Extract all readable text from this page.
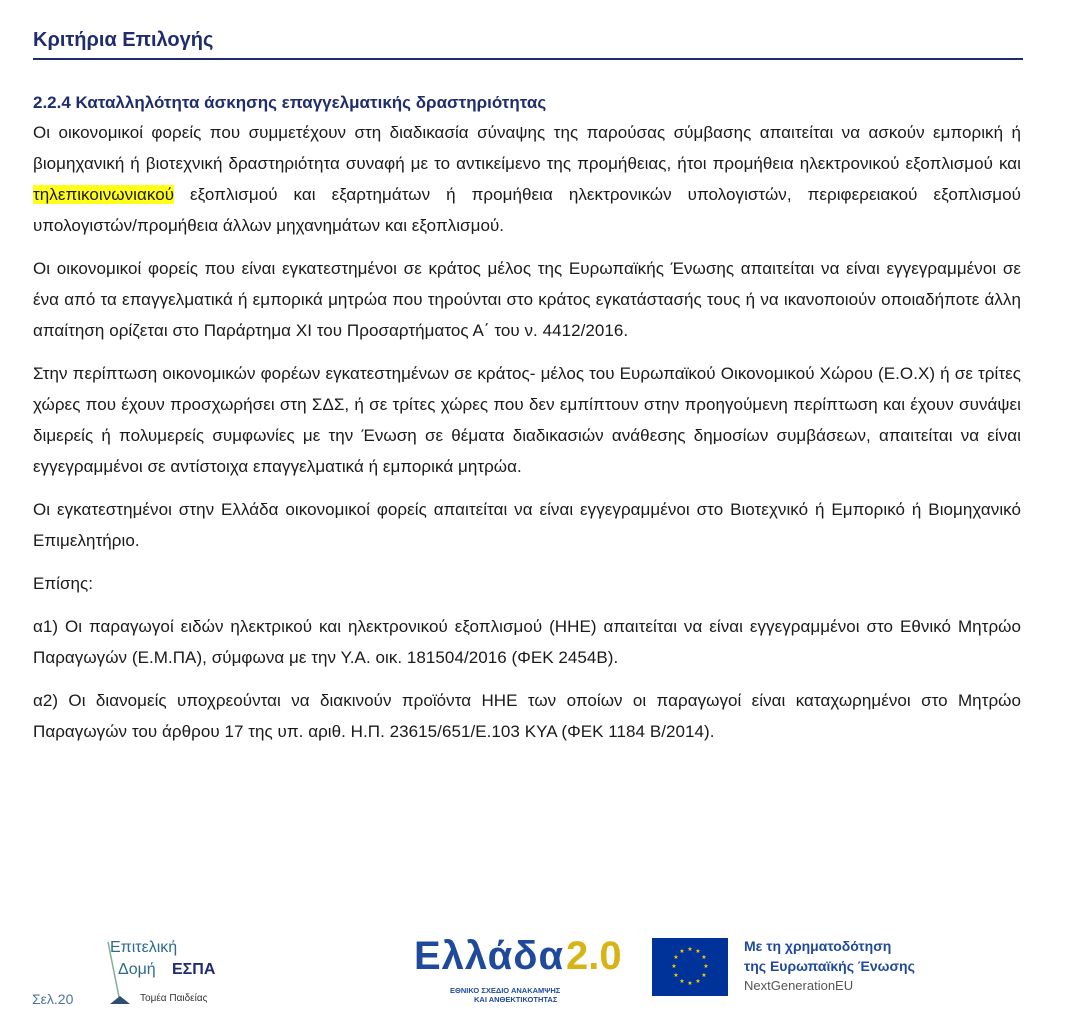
Κριτήρια Επιλογής
2.2.4 Καταλληλότητα άσκησης επαγγελματικής δραστηριότητας

Οι οικονομικοί φορείς που συμμετέχουν στη διαδικασία σύναψης της παρούσας σύμβασης απαιτείται να ασκούν εμπορική ή βιομηχανική ή βιοτεχνική δραστηριότητα συναφή με το αντικείμενο της προμήθειας, ήτοι προμήθεια ηλεκτρονικού εξοπλισμού και τηλεπικοινωνιακού εξοπλισμού και εξαρτημάτων ή προμήθεια ηλεκτρονικών υπολογιστών, περιφερειακού εξοπλισμού υπολογιστών/προμήθεια άλλων μηχανημάτων και εξοπλισμού.

Οι οικονομικοί φορείς που είναι εγκατεστημένοι σε κράτος μέλος της Ευρωπαϊκής Ένωσης απαιτείται να είναι εγγεγραμμένοι σε ένα από τα επαγγελματικά ή εμπορικά μητρώα που τηρούνται στο κράτος εγκατάστασής τους ή να ικανοποιούν οποιαδήποτε άλλη απαίτηση ορίζεται στο Παράρτημα XI του Προσαρτήματος Α΄ του ν. 4412/2016.

Στην περίπτωση οικονομικών φορέων εγκατεστημένων σε κράτος- μέλος του Ευρωπαϊκού Οικονομικού Χώρου (Ε.Ο.Χ) ή σε τρίτες χώρες που έχουν προσχωρήσει στη ΣΔΣ, ή σε τρίτες χώρες που δεν εμπίπτουν στην προηγούμενη περίπτωση και έχουν συνάψει διμερείς ή πολυμερείς συμφωνίες με την Ένωση σε θέματα διαδικασιών ανάθεσης δημοσίων συμβάσεων, απαιτείται να είναι εγγεγραμμένοι σε αντίστοιχα επαγγελματικά ή εμπορικά μητρώα.

Οι εγκατεστημένοι στην Ελλάδα οικονομικοί φορείς απαιτείται να είναι εγγεγραμμένοι στο Βιοτεχνικό ή Εμπορικό ή Βιομηχανικό Επιμελητήριο.

Επίσης:

α1) Οι παραγωγοί ειδών ηλεκτρικού και ηλεκτρονικού εξοπλισμού (ΗΗΕ) απαιτείται να είναι εγγεγραμμένοι στο Εθνικό Μητρώο Παραγωγών (Ε.Μ.ΠΑ), σύμφωνα με την Υ.Α. οικ. 181504/2016 (ΦΕΚ 2454Β).

α2) Οι διανομείς υποχρεούνται να διακινούν προϊόντα ΗΗΕ των οποίων οι παραγωγοί είναι καταχωρημένοι στο Μητρώο Παραγωγών του άρθρου 17 της υπ. αριθ. Η.Π. 23615/651/Ε.103 ΚΥΑ (ΦΕΚ 1184 Β/2014).

Επιτελική
Δομή ΕΣΠΑ
Τομέα Παιδείας
Σελ.20
Ελλάδα 2.0
ΕΘΝΙΚΟ ΣΧΕΔΙΟ ΑΝΑΚΑΜΨΗΣ
ΚΑΙ ΑΝΘΕΚΤΙΚΟΤΗΤΑΣ
★ ★
★
★
★
★
★
★
★
★
★
★	Με τη χρηματοδότηση
της Ευρωπαϊκής Ένωσης
NextGenerationEU
